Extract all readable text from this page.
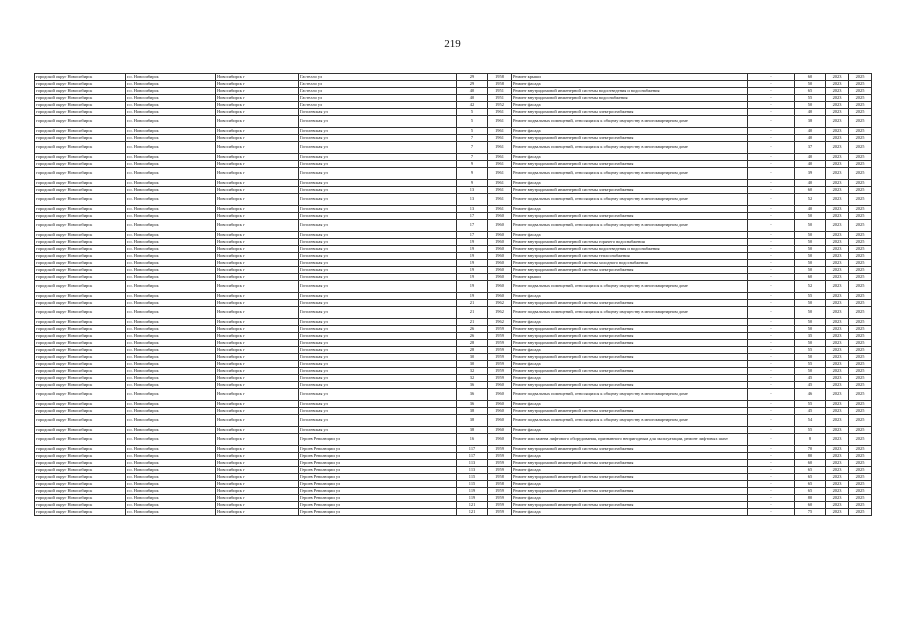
219
городской округ Новосибирск	г.о. Новосибирск	Новосибирск г	Гастелло ул	29	1958	Ремонт крыши	-	60	2023	2025
городской округ Новосибирск	г.о. Новосибирск	Новосибирск г	Гастелло ул	29	1958	Ремонт фасада	-	50	2023	2025
городской округ Новосибирск	г.о. Новосибирск	Новосибирск г	Гастелло ул	40	1951	Ремонт внутридомовой инженерной системы водоотведения и водоснабжения	-	65	2023	2025
городской округ Новосибирск	г.о. Новосибирск	Новосибирск г	Гастелло ул	40	1951	Ремонт внутридомовой инженерной системы водоснабжения	-	55	2023	2025
городской округ Новосибирск	г.о. Новосибирск	Новосибирск г	Гастелло ул	42	1952	Ремонт фасада	-	50	2023	2025
городской округ Новосибирск	г.о. Новосибирск	Новосибирск г	Гоголевская ул	5	1961	Ремонт внутридомовой инженерной системы электроснабжения	-	40	2023	2025
городской округ Новосибирск	г.о. Новосибирск	Новосибирск г	Гоголевская ул	5	1961	Ремонт подвальных помещений, относящихся к общему имуществу в многоквартирном доме	-	38	2023	2025
городской округ Новосибирск	г.о. Новосибирск	Новосибирск г	Гоголевская ул	5	1961	Ремонт фасада	-	40	2023	2025
городской округ Новосибирск	г.о. Новосибирск	Новосибирск г	Гоголевская ул	7	1961	Ремонт внутридомовой инженерной системы электроснабжения	-	40	2023	2025
городской округ Новосибирск	г.о. Новосибирск	Новосибирск г	Гоголевская ул	7	1961	Ремонт подвальных помещений, относящихся к общему имуществу в многоквартирном доме	-	37	2023	2025
городской округ Новосибирск	г.о. Новосибирск	Новосибирск г	Гоголевская ул	7	1961	Ремонт фасада	-	40	2023	2025
городской округ Новосибирск	г.о. Новосибирск	Новосибирск г	Гоголевская ул	9	1961	Ремонт внутридомовой инженерной системы электроснабжения	-	40	2023	2025
городской округ Новосибирск	г.о. Новосибирск	Новосибирск г	Гоголевская ул	9	1961	Ремонт подвальных помещений, относящихся к общему имуществу в многоквартирном доме	-	39	2023	2025
городской округ Новосибирск	г.о. Новосибирск	Новосибирск г	Гоголевская ул	9	1961	Ремонт фасада	-	40	2023	2025
городской округ Новосибирск	г.о. Новосибирск	Новосибирск г	Гоголевская ул	13	1961	Ремонт внутридомовой инженерной системы электроснабжения	-	60	2023	2025
городской округ Новосибирск	г.о. Новосибирск	Новосибирск г	Гоголевская ул	13	1961	Ремонт подвальных помещений, относящихся к общему имуществу в многоквартирном доме	-	52	2023	2025
городской округ Новосибирск	г.о. Новосибирск	Новосибирск г	Гоголевская ул	13	1961	Ремонт фасада	-	40	2023	2025
городской округ Новосибирск	г.о. Новосибирск	Новосибирск г	Гоголевская ул	17	1960	Ремонт внутридомовой инженерной системы электроснабжения	-	50	2023	2025
городской округ Новосибирск	г.о. Новосибирск	Новосибирск г	Гоголевская ул	17	1960	Ремонт подвальных помещений, относящихся к общему имуществу в многоквартирном доме	-	50	2023	2025
городской округ Новосибирск	г.о. Новосибирск	Новосибирск г	Гоголевская ул	17	1960	Ремонт фасада	-	50	2023	2025
городской округ Новосибирск	г.о. Новосибирск	Новосибирск г	Гоголевская ул	19	1960	Ремонт внутридомовой инженерной системы горячего водоснабжения	-	50	2023	2025
городской округ Новосибирск	г.о. Новосибирск	Новосибирск г	Гоголевская ул	19	1960	Ремонт внутридомовой инженерной системы водоотведения и водоснабжения	-	50	2023	2025
городской округ Новосибирск	г.о. Новосибирск	Новосибирск г	Гоголевская ул	19	1960	Ремонт внутридомовой инженерной системы теплоснабжения	-	50	2023	2025
городской округ Новосибирск	г.о. Новосибирск	Новосибирск г	Гоголевская ул	19	1960	Ремонт внутридомовой инженерной системы холодного водоснабжения	-	50	2023	2025
городской округ Новосибирск	г.о. Новосибирск	Новосибирск г	Гоголевская ул	19	1960	Ремонт внутридомовой инженерной системы электроснабжения	-	50	2023	2025
городской округ Новосибирск	г.о. Новосибирск	Новосибирск г	Гоголевская ул	19	1960	Ремонт крыши	-	60	2023	2025
городской округ Новосибирск	г.о. Новосибирск	Новосибирск г	Гоголевская ул	19	1960	Ремонт подвальных помещений, относящихся к общему имуществу в многоквартирном доме	-	52	2023	2025
городской округ Новосибирск	г.о. Новосибирск	Новосибирск г	Гоголевская ул	19	1960	Ремонт фасада	-	55	2023	2025
городской округ Новосибирск	г.о. Новосибирск	Новосибирск г	Гоголевская ул	21	1962	Ремонт внутридомовой инженерной системы электроснабжения	-	50	2023	2025
городской округ Новосибирск	г.о. Новосибирск	Новосибирск г	Гоголевская ул	21	1962	Ремонт подвальных помещений, относящихся к общему имуществу в многоквартирном доме	-	50	2023	2025
городской округ Новосибирск	г.о. Новосибирск	Новосибирск г	Гоголевская ул	21	1962	Ремонт фасада	-	50	2023	2025
городской округ Новосибирск	г.о. Новосибирск	Новосибирск г	Гоголевская ул	26	1959	Ремонт внутридомовой инженерной системы электроснабжения	-	50	2023	2025
городской округ Новосибирск	г.о. Новосибирск	Новосибирск г	Гоголевская ул	26	1959	Ремонт внутридомовой инженерной системы электроснабжения	-	35	2023	2025
городской округ Новосибирск	г.о. Новосибирск	Новосибирск г	Гоголевская ул	28	1959	Ремонт внутридомовой инженерной системы электроснабжения	-	50	2023	2025
городской округ Новосибирск	г.о. Новосибирск	Новосибирск г	Гоголевская ул	28	1959	Ремонт фасада	-	55	2023	2025
городской округ Новосибирск	г.о. Новосибирск	Новосибирск г	Гоголевская ул	30	1959	Ремонт внутридомовой инженерной системы электроснабжения	-	50	2023	2025
городской округ Новосибирск	г.о. Новосибирск	Новосибирск г	Гоголевская ул	30	1959	Ремонт фасада	-	55	2023	2025
городской округ Новосибирск	г.о. Новосибирск	Новосибирск г	Гоголевская ул	32	1959	Ремонт внутридомовой инженерной системы электроснабжения	-	50	2023	2025
городской округ Новосибирск	г.о. Новосибирск	Новосибирск г	Гоголевская ул	32	1959	Ремонт фасада	-	45	2023	2025
городской округ Новосибирск	г.о. Новосибирск	Новосибирск г	Гоголевская ул	36	1960	Ремонт внутридомовой инженерной системы электроснабжения	-	45	2023	2025
городской округ Новосибирск	г.о. Новосибирск	Новосибирск г	Гоголевская ул	36	1960	Ремонт подвальных помещений, относящихся к общему имуществу в многоквартирном доме	-	46	2023	2025
городской округ Новосибирск	г.о. Новосибирск	Новосибирск г	Гоголевская ул	36	1960	Ремонт фасада	-	55	2023	2025
городской округ Новосибирск	г.о. Новосибирск	Новосибирск г	Гоголевская ул	38	1960	Ремонт внутридомовой инженерной системы электроснабжения	-	45	2023	2025
городской округ Новосибирск	г.о. Новосибирск	Новосибирск г	Гоголевская ул	38	1960	Ремонт подвальных помещений, относящихся к общему имуществу в многоквартирном доме	-	54	2023	2025
городской округ Новосибирск	г.о. Новосибирск	Новосибирск г	Гоголевская ул	38	1960	Ремонт фасада	-	55	2023	2025
городской округ Новосибирск	г.о. Новосибирск	Новосибирск г	Героев Революции ул	16	1960	Ремонт или замена лифтового оборудования, признанного непригодным для эксплуатации, ремонт лифтовых шахт	-	8	2023	2025
городской округ Новосибирск	г.о. Новосибирск	Новосибирск г	Героев Революции ул	117	1959	Ремонт внутридомовой инженерной системы электроснабжения	-	70	2023	2025
городской округ Новосибирск	г.о. Новосибирск	Новосибирск г	Героев Революции ул	117	1959	Ремонт фасада	-	80	2023	2025
городской округ Новосибирск	г.о. Новосибирск	Новосибирск г	Героев Революции ул	113	1959	Ремонт внутридомовой инженерной системы электроснабжения	-	60	2023	2025
городской округ Новосибирск	г.о. Новосибирск	Новосибирск г	Героев Революции ул	113	1959	Ремонт фасада	-	65	2023	2025
городской округ Новосибирск	г.о. Новосибирск	Новосибирск г	Героев Революции ул	115	1958	Ремонт внутридомовой инженерной системы электроснабжения	-	65	2023	2025
городской округ Новосибирск	г.о. Новосибирск	Новосибирск г	Героев Революции ул	115	1958	Ремонт фасада	-	65	2023	2025
городской округ Новосибирск	г.о. Новосибирск	Новосибирск г	Героев Революции ул	119	1959	Ремонт внутридомовой инженерной системы электроснабжения	-	65	2023	2025
городской округ Новосибирск	г.о. Новосибирск	Новосибирск г	Героев Революции ул	119	1959	Ремонт фасада	-	80	2023	2025
городской округ Новосибирск	г.о. Новосибирск	Новосибирск г	Героев Революции ул	121	1959	Ремонт внутридомовой инженерной системы электроснабжения	-	60	2023	2025
городской округ Новосибирск	г.о. Новосибирск	Новосибирск г	Героев Революции ул	121	1959	Ремонт фасада	-	75	2023	2025
